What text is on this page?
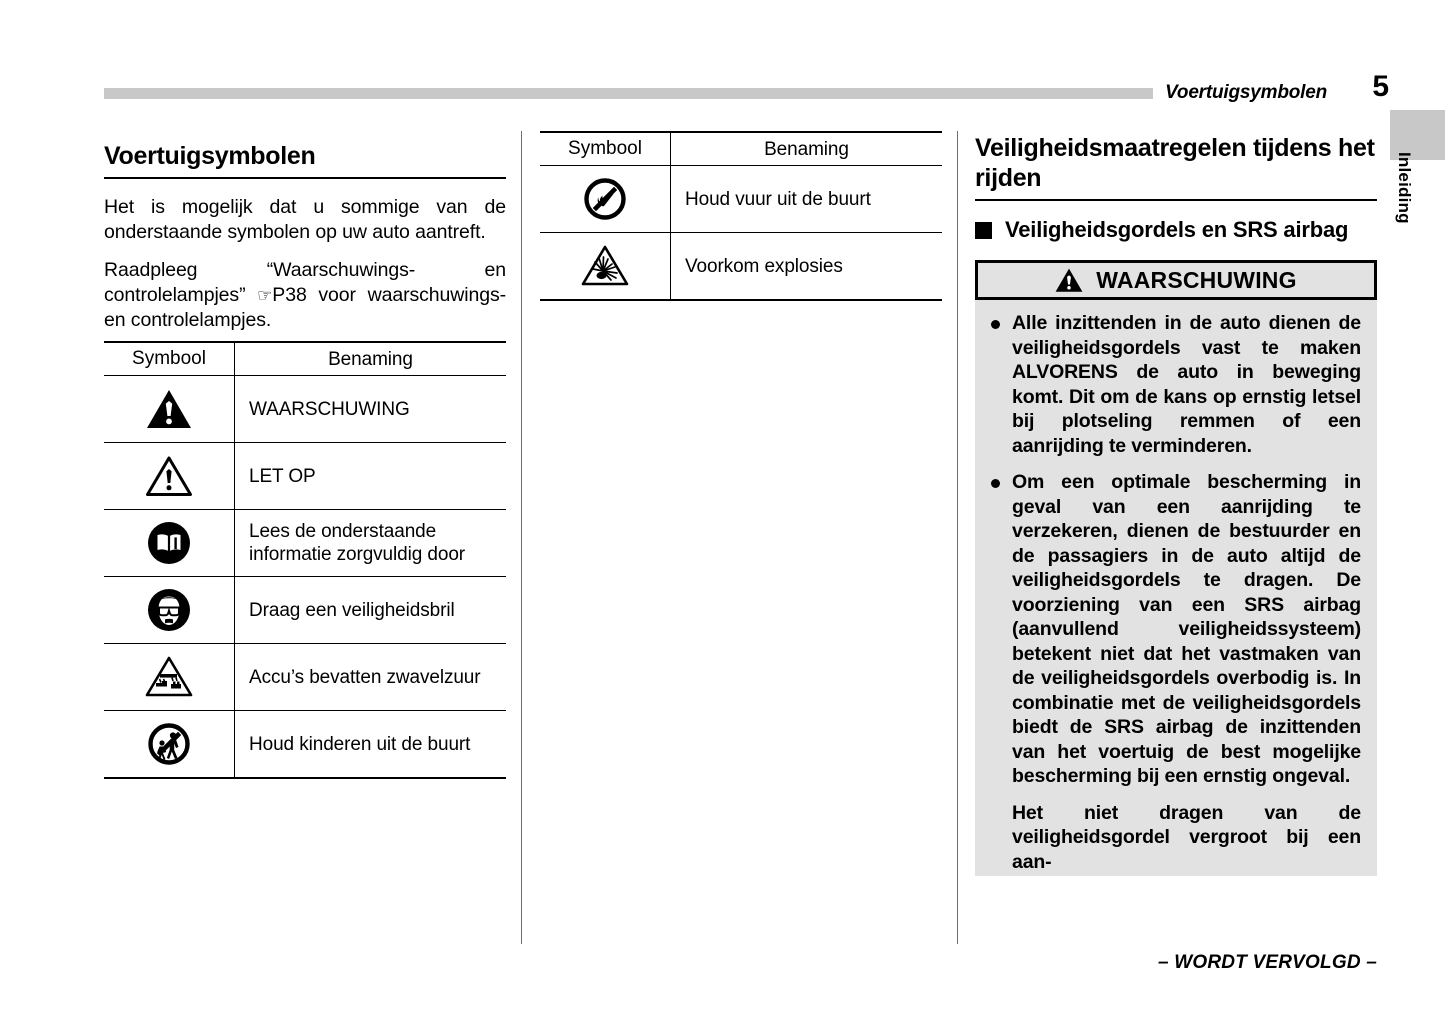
Voertuigsymbolen	5
Inleiding
Voertuigsymbolen

Het is mogelijk dat u sommige van de onderstaande symbolen op uw auto aantreft.

Raadpleeg “Waarschuwings- en controlelampjes” ☞P38 voor waarschuwings- en controlelampjes.

Symbool	Benaming

	WAARSCHUWING

	LET OP

	Lees de onderstaande informatie zorgvuldig door

	Draag een veiligheidsbril

	Accu’s bevatten zwavelzuur

	Houd kinderen uit de buurt
Symbool	Benaming

	Houd vuur uit de buurt

	Voorkom explosies
Veiligheidsmaatregelen tijdens het rijden
Veiligheidsgordels en SRS airbag
WAARSCHUWING
Alle inzittenden in de auto dienen de veiligheidsgordels vast te maken ALVORENS de auto in beweging komt. Dit om de kans op ernstig letsel bij plotseling remmen of een aanrijding te verminderen.
Om een optimale bescherming in geval van een aanrijding te verzekeren, dienen de bestuurder en de passagiers in de auto altijd de veiligheidsgordels te dragen. De voorziening van een SRS airbag (aanvullend veiligheidssysteem) betekent niet dat het vastmaken van de veiligheidsgordels overbodig is. In combinatie met de veiligheidsgordels biedt de SRS airbag de inzittenden van het voertuig de best mogelijke bescherming bij een ernstig ongeval.

Het niet dragen van de veiligheidsgordel vergroot bij een aan-

– WORDT VERVOLGD –
